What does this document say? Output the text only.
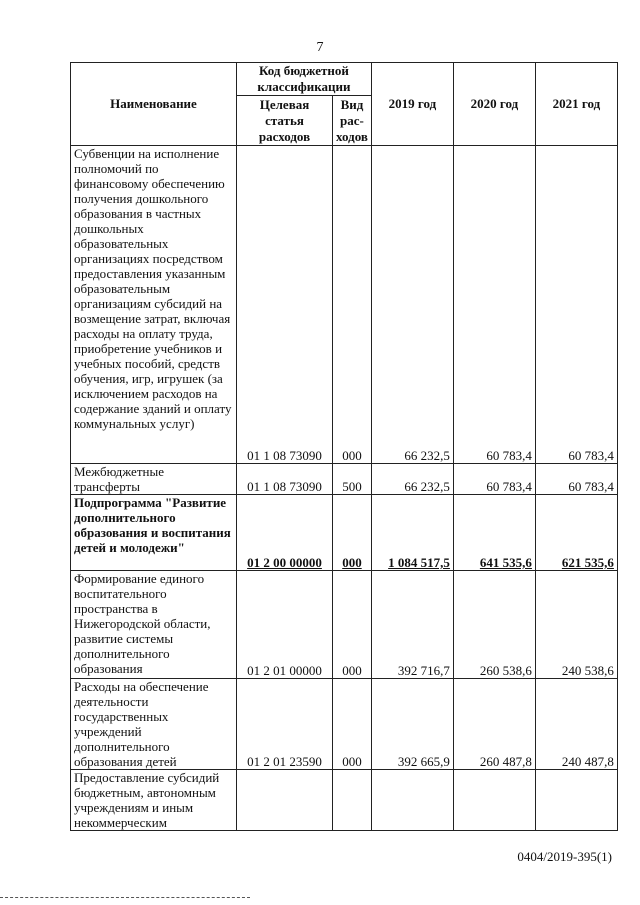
7
Наименование	Код бюджетной классификации		2019 год	2020 год	2021 год
	Целевая статья расходов	Вид рас- ходов			
Субвенции на исполнение полномочий по финансовому обеспечению получения дошкольного образования в частных дошкольных образовательных организациях посредством предоставления указанным образовательным организациям субсидий на возмещение затрат, включая расходы на оплату труда, приобретение учебников и учебных пособий, средств обучения, игр, игрушек (за исключением расходов на содержание зданий и оплату коммунальных услуг)	01 1 08 73090	000	66 232,5	60 783,4	60 783,4
Межбюджетные трансферты	01 1 08 73090	500	66 232,5	60 783,4	60 783,4
Подпрограмма "Развитие дополнительного образования и воспитания детей и молодежи"	01 2 00 00000	000	1 084 517,5	641 535,6	621 535,6
Формирование единого воспитательного пространства в Нижегородской области, развитие системы дополнительного образования	01 2 01 00000	000	392 716,7	260 538,6	240 538,6
Расходы на обеспечение деятельности государственных учреждений дополнительного образования детей	01 2 01 23590	000	392 665,9	260 487,8	240 487,8
Предоставление субсидий бюджетным, автономным учреждениям и иным некоммерческим					
0404/2019-395(1)
